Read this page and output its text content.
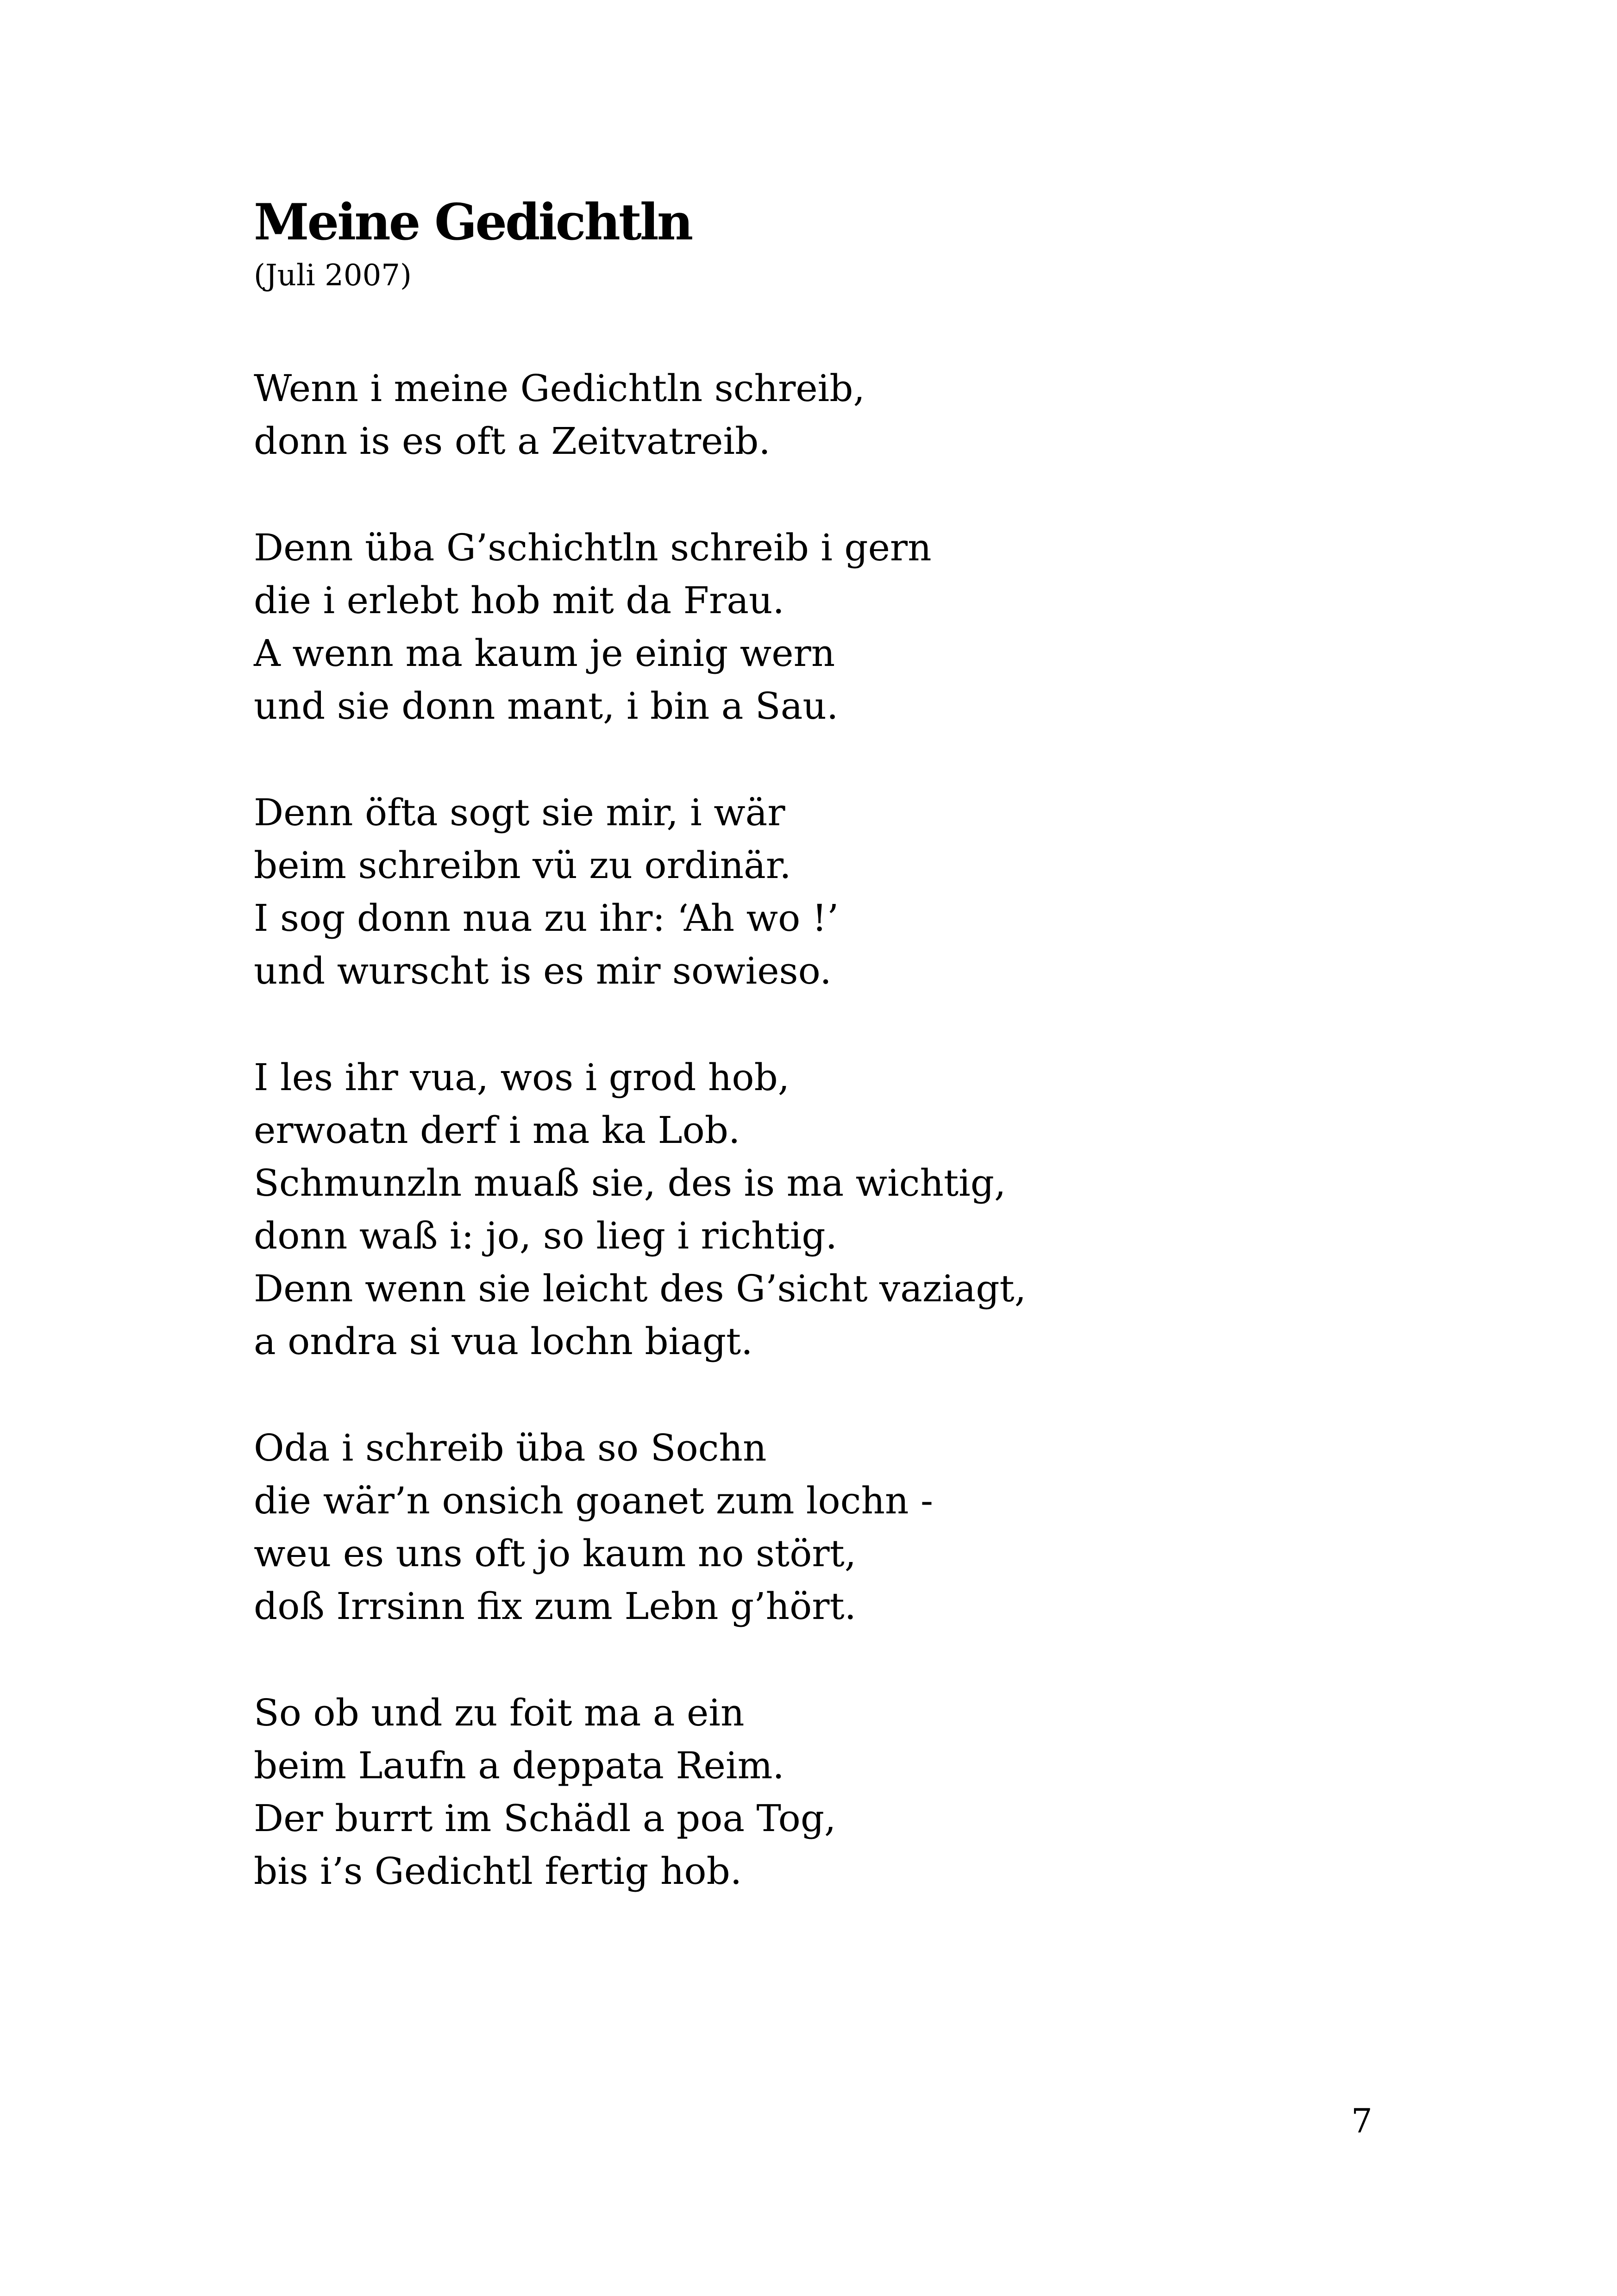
Meine Gedichtln
(Juli 2007)

Wenn i meine Gedichtln schreib,
donn is es oft a Zeitvatreib.

Denn üba G’schichtln schreib i gern
die i erlebt hob mit da Frau.
A wenn ma kaum je einig wern
und sie donn mant, i bin a Sau.

Denn öfta sogt sie mir, i wär
beim schreibn vü zu ordinär.
I sog donn nua zu ihr: ‘Ah wo !’
und wurscht is es mir sowieso.

I les ihr vua, wos i grod hob,
erwoatn derf i ma ka Lob.
Schmunzln muaß sie, des is ma wichtig,
donn waß i: jo, so lieg i richtig.
Denn wenn sie leicht des G’sicht vaziagt,
a ondra si vua lochn biagt.

Oda i schreib üba so Sochn
die wär’n onsich goanet zum lochn -
weu es uns oft jo kaum no stört,
doß Irrsinn fix zum Lebn g’hört.

So ob und zu foit ma a ein
beim Laufn a deppata Reim.
Der burrt im Schädl a poa Tog,
bis i’s Gedichtl fertig hob.

7
